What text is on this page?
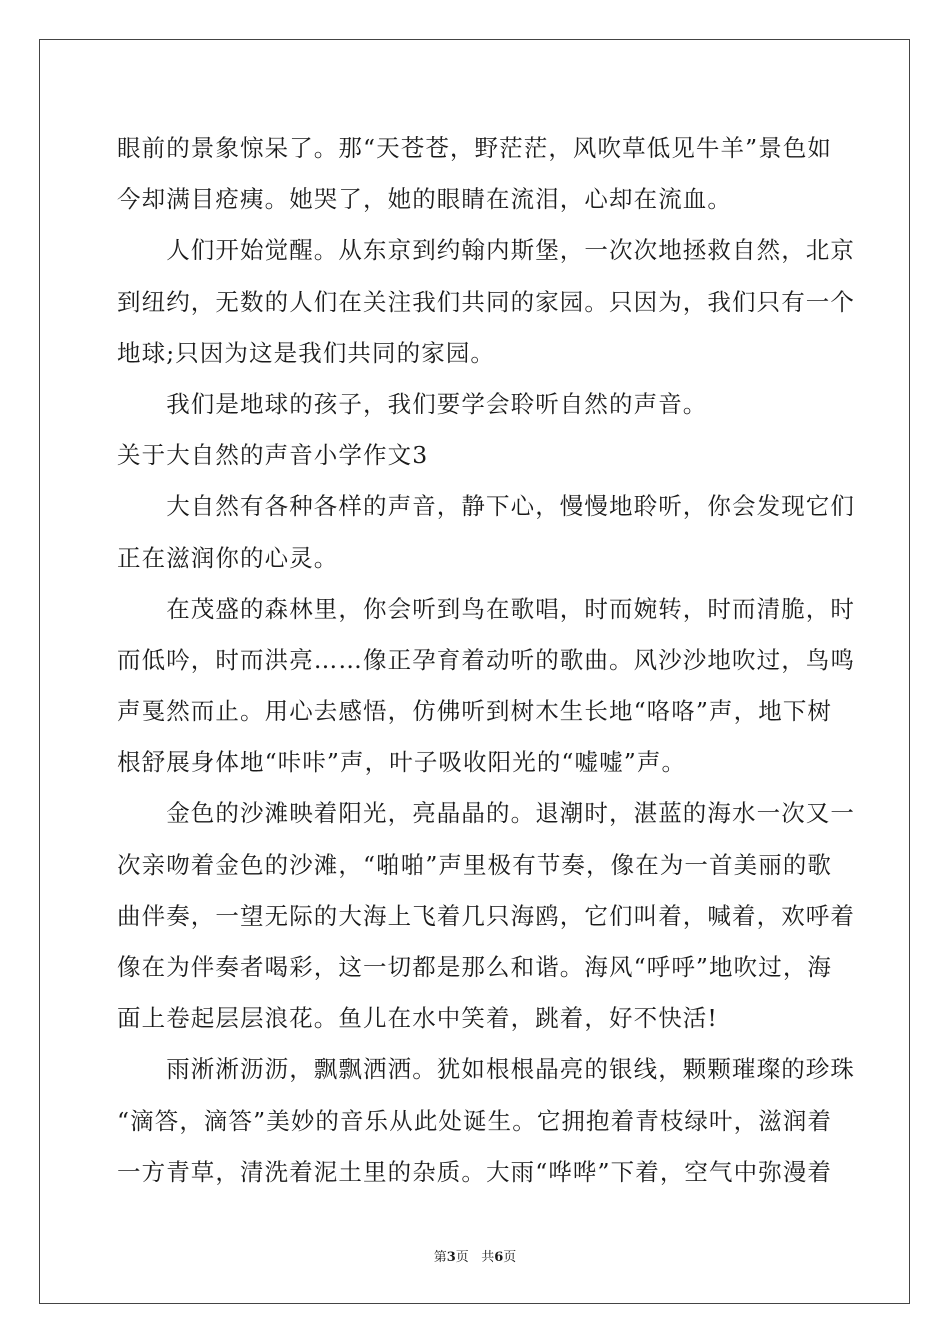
眼前的景象惊呆了。那“天苍苍，野茫茫，风吹草低见牛羊”景色如
今却满目疮痍。她哭了，她的眼睛在流泪，心却在流血。
　　人们开始觉醒。从东京到约翰内斯堡，一次次地拯救自然，北京
到纽约，无数的人们在关注我们共同的家园。只因为，我们只有一个
地球;只因为这是我们共同的家园。
　　我们是地球的孩子，我们要学会聆听自然的声音。
关于大自然的声音小学作文3
　　大自然有各种各样的声音，静下心，慢慢地聆听，你会发现它们
正在滋润你的心灵。
　　在茂盛的森林里，你会听到鸟在歌唱，时而婉转，时而清脆，时
而低吟，时而洪亮……像正孕育着动听的歌曲。风沙沙地吹过，鸟鸣
声戛然而止。用心去感悟，仿佛听到树木生长地“咯咯”声，地下树
根舒展身体地“咔咔”声，叶子吸收阳光的“嘘嘘”声。
　　金色的沙滩映着阳光，亮晶晶的。退潮时，湛蓝的海水一次又一
次亲吻着金色的沙滩，“啪啪”声里极有节奏，像在为一首美丽的歌
曲伴奏，一望无际的大海上飞着几只海鸥，它们叫着，喊着，欢呼着
像在为伴奏者喝彩，这一切都是那么和谐。海风“呼呼”地吹过，海
面上卷起层层浪花。鱼儿在水中笑着，跳着，好不快活!
　　雨淅淅沥沥，飘飘洒洒。犹如根根晶亮的银线，颗颗璀璨的珍珠
“滴答，滴答”美妙的音乐从此处诞生。它拥抱着青枝绿叶，滋润着
一方青草，清洗着泥土里的杂质。大雨“哗哗”下着，空气中弥漫着
第3页 共6页
